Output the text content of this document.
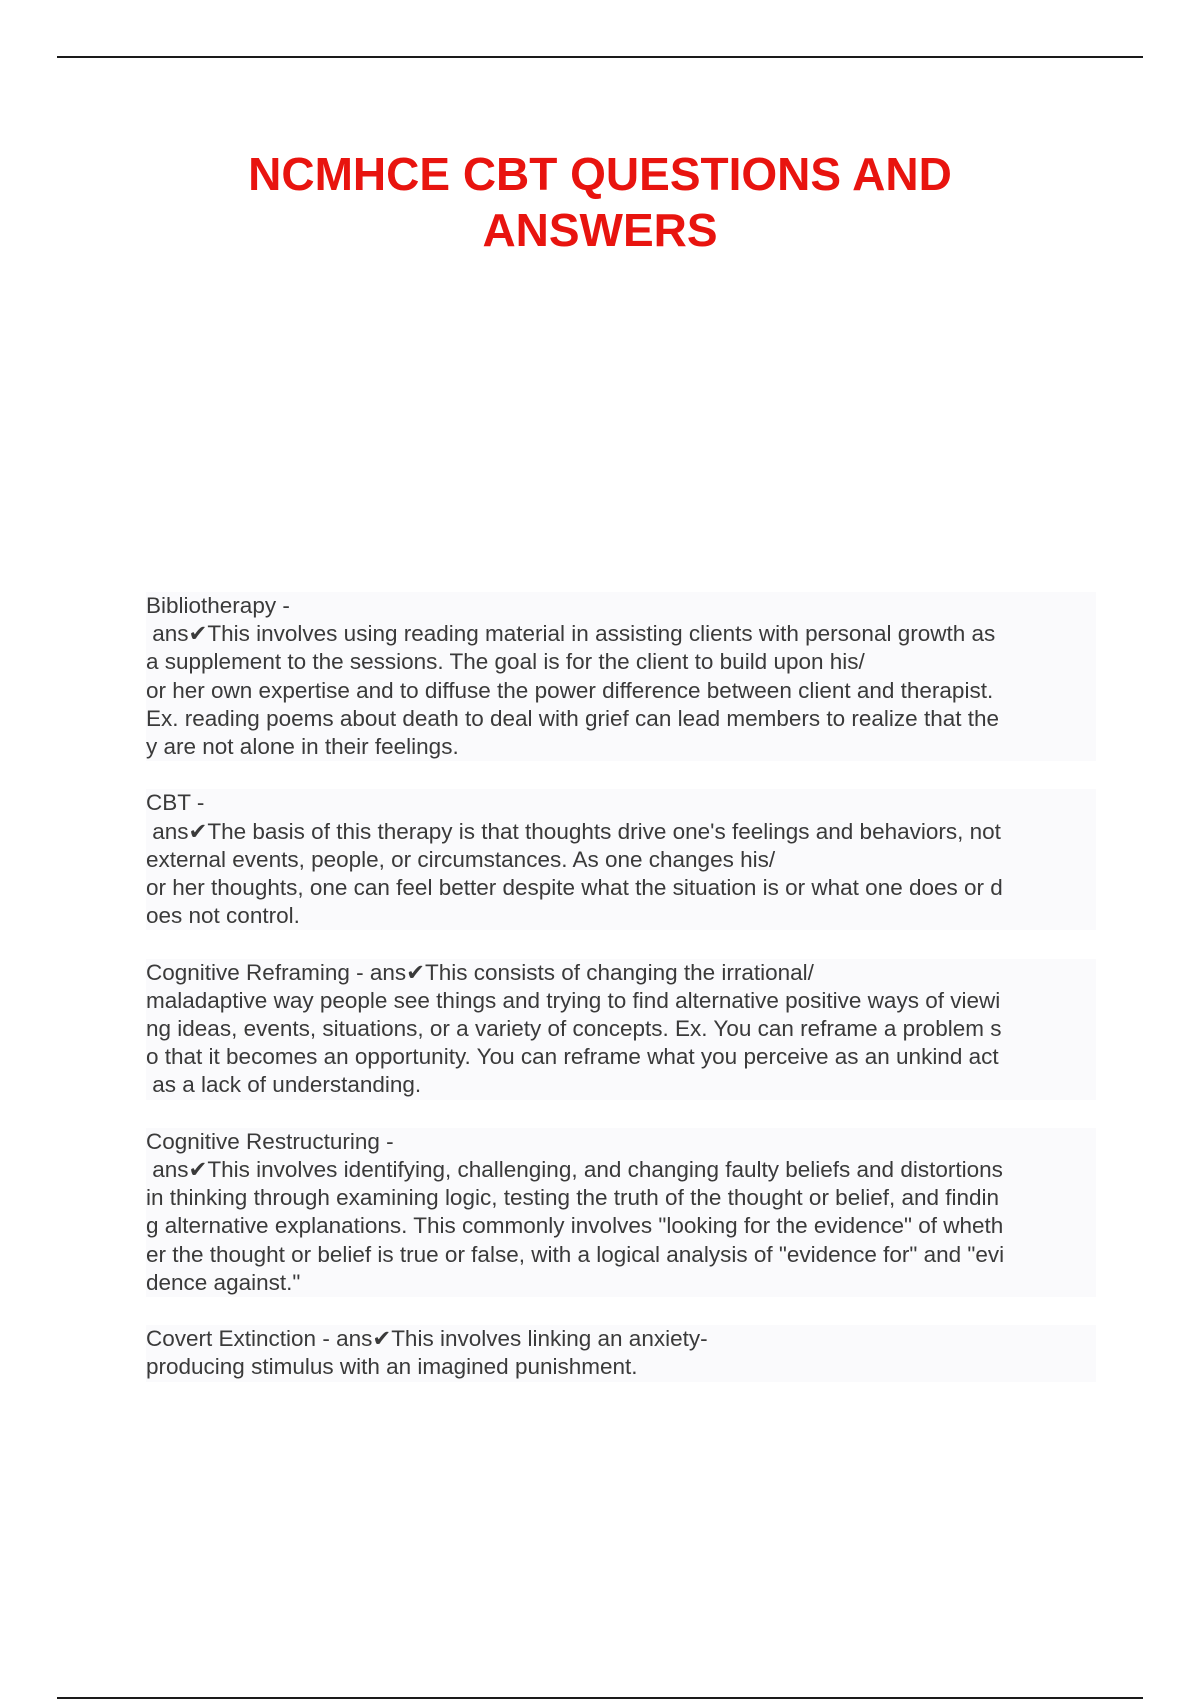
NCMHCE CBT QUESTIONS AND
ANSWERS
Bibliotherapy -
ans✔This involves using reading material in assisting clients with personal growth as
a supplement to the sessions. The goal is for the client to build upon his/
or her own expertise and to diffuse the power difference between client and therapist.
Ex. reading poems about death to deal with grief can lead members to realize that the
y are not alone in their feelings.
CBT -
ans✔The basis of this therapy is that thoughts drive one's feelings and behaviors, not
external events, people, or circumstances. As one changes his/
or her thoughts, one can feel better despite what the situation is or what one does or d
oes not control.
Cognitive Reframing - ans✔This consists of changing the irrational/
maladaptive way people see things and trying to find alternative positive ways of viewi
ng ideas, events, situations, or a variety of concepts. Ex. You can reframe a problem s
o that it becomes an opportunity. You can reframe what you perceive as an unkind act
as a lack of understanding.
Cognitive Restructuring -
ans✔This involves identifying, challenging, and changing faulty beliefs and distortions
in thinking through examining logic, testing the truth of the thought or belief, and findin
g alternative explanations. This commonly involves "looking for the evidence" of wheth
er the thought or belief is true or false, with a logical analysis of "evidence for" and "evi
dence against."
Covert Extinction - ans✔This involves linking an anxiety-
producing stimulus with an imagined punishment.
